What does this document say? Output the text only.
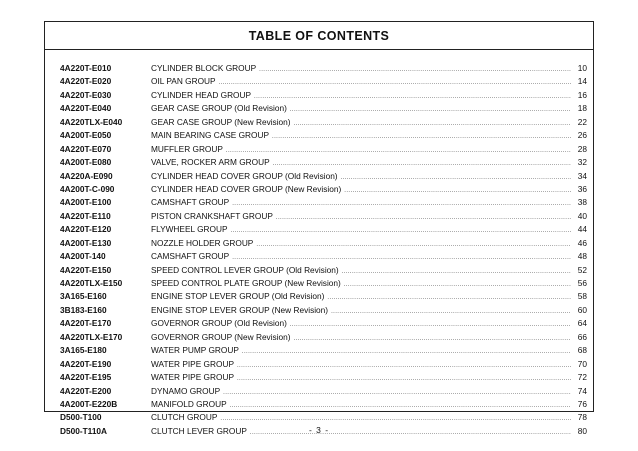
TABLE OF CONTENTS
4A220T-E010	CYLINDER BLOCK GROUP .....	10
4A220T-E020	OIL PAN GROUP .....	14
4A220T-E030	CYLINDER HEAD GROUP .....	16
4A220T-E040	GEAR CASE GROUP (Old Revision) .....	18
4A220TLX-E040	GEAR CASE GROUP (New Revision) .....	22
4A200T-E050	MAIN BEARING CASE GROUP .....	26
4A220T-E070	MUFFLER GROUP .....	28
4A200T-E080	VALVE, ROCKER ARM GROUP .....	32
4A220A-E090	CYLINDER HEAD COVER GROUP (Old Revision) .....	34
4A200T-C-090	CYLINDER HEAD COVER GROUP (New Revision) .....	36
4A200T-E100	CAMSHAFT GROUP .....	38
4A220T-E110	PISTON CRANKSHAFT GROUP .....	40
4A220T-E120	FLYWHEEL GROUP .....	44
4A200T-E130	NOZZLE HOLDER GROUP .....	46
4A200T-140	CAMSHAFT GROUP .....	48
4A220T-E150	SPEED CONTROL LEVER GROUP (Old Revision) .....	52
4A220TLX-E150	SPEED CONTROL PLATE GROUP (New Revision) .....	56
3A165-E160	ENGINE STOP LEVER GROUP (Old Revision) .....	58
3B183-E160	ENGINE STOP LEVER GROUP (New Revision) .....	60
4A220T-E170	GOVERNOR GROUP (Old Revision) .....	64
4A220TLX-E170	GOVERNOR GROUP (New Revision) .....	66
3A165-E180	WATER PUMP GROUP .....	68
4A220T-E190	WATER PIPE GROUP .....	70
4A220T-E195	WATER PIPE GROUP .....	72
4A220T-E200	DYNAMO GROUP .....	74
4A200T-E220B	MANIFOLD GROUP .....	76
D500-T100	CLUTCH GROUP .....	78
D500-T110A	CLUTCH LEVER GROUP .....	80
- 3 -
